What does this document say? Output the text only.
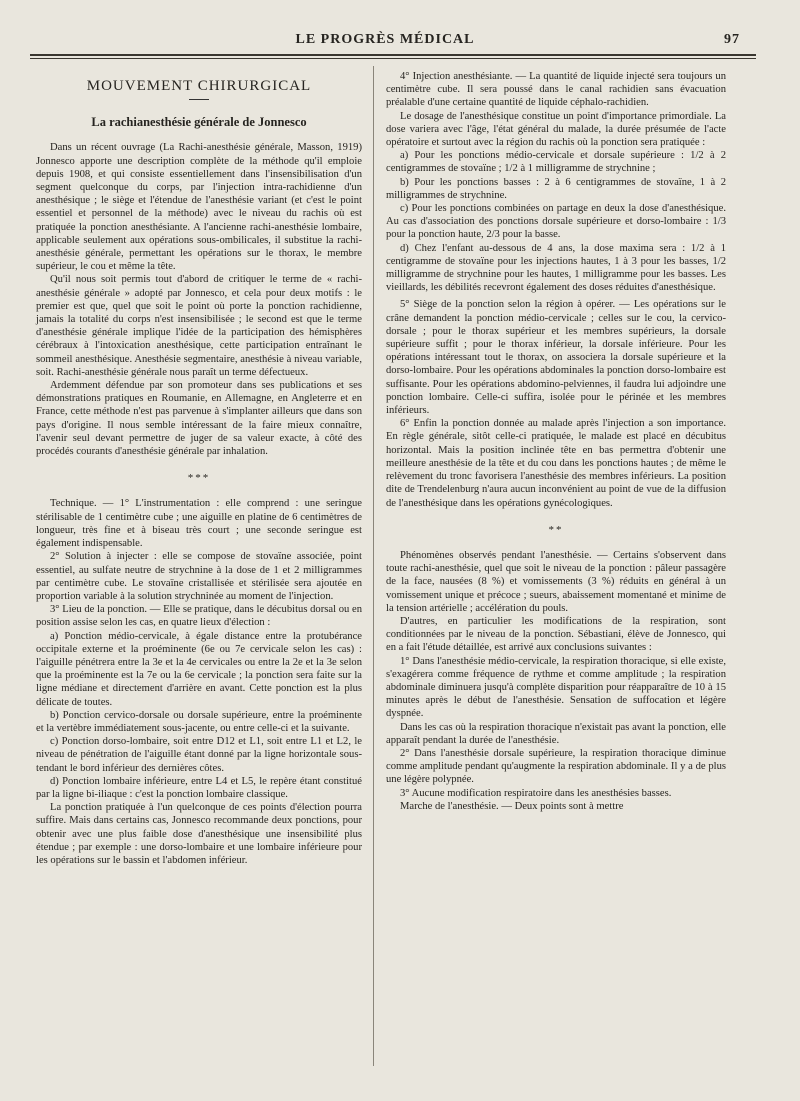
LE PROGRÈS MÉDICAL	97
MOUVEMENT CHIRURGICAL
La rachianesthésie générale de Jonnesco

Dans un récent ouvrage (La Rachi-anesthésie générale, Masson, 1919) Jonnesco apporte une description complète de la méthode qu'il emploie depuis 1908, et qui consiste essentiellement dans l'insensibilisation d'un segment quelconque du corps, par l'injection intra-rachidienne d'un anesthésique ; le siège et l'étendue de l'anesthésie variant (et c'est le point essentiel et personnel de la méthode) avec le niveau du rachis où est pratiquée la ponction anesthésiante. A l'ancienne rachi-anesthésie lombaire, applicable seulement aux opérations sous-ombilicales, il substitue la rachi-anesthésie générale, permettant les opérations sur le thorax, le membre supérieur, le cou et même la tête.

Qu'il nous soit permis tout d'abord de critiquer le terme de « rachi-anesthésie générale » adopté par Jonnesco, et cela pour deux motifs : le premier est que, quel que soit le point où porte la ponction rachidienne, jamais la totalité du corps n'est insensibilisée ; le second est que le terme d'anesthésie générale implique l'idée de la participation des hémisphères cérébraux à l'intoxication anesthésique, cette participation entraînant le sommeil anesthésique. Anesthésie segmentaire, anesthésie à niveau variable, soit. Rachi-anesthésie générale nous paraît un terme défectueux.

Ardemment défendue par son promoteur dans ses publications et ses démonstrations pratiques en Roumanie, en Allemagne, en Angleterre et en France, cette méthode n'est pas parvenue à s'implanter ailleurs que dans son pays d'origine. Il nous semble intéressant de la faire mieux connaître, l'avenir seul devant permettre de juger de sa valeur exacte, à côté des procédés courants d'anesthésie générale par inhalation.

***

Technique. — 1° L'instrumentation : elle comprend : une seringue stérilisable de 1 centimètre cube ; une aiguille en platine de 6 centimètres de longueur, très fine et à biseau très court ; une seconde seringue est également indispensable.

2° Solution à injecter : elle se compose de stovaïne associée, point essentiel, au sulfate neutre de strychnine à la dose de 1 et 2 milligrammes par centimètre cube. Le stovaïne cristallisée et stérilisée sera ajoutée en proportion variable à la solution strychninée au moment de l'injection.

3° Lieu de la ponction. — Elle se pratique, dans le décubitus dorsal ou en position assise selon les cas, en quatre lieux d'élection :

a) Ponction médio-cervicale, à égale distance entre la protubérance occipitale externe et la proéminente (6e ou 7e cervicale selon les cas) : l'aiguille pénétrera entre la 3e et la 4e cervicales ou entre la 2e et la 3e selon que la proéminente est la 7e ou la 6e cervicale ; la ponction sera faite sur la ligne médiane et directement d'arrière en avant. Cette ponction est la plus délicate de toutes.

b) Ponction cervico-dorsale ou dorsale supérieure, entre la proéminente et la vertèbre immédiatement sous-jacente, ou entre celle-ci et la suivante.

c) Ponction dorso-lombaire, soit entre D12 et L1, soit entre L1 et L2, le niveau de pénétration de l'aiguille étant donné par la ligne horizontale sous-tendant le bord inférieur des dernières côtes.

d) Ponction lombaire inférieure, entre L4 et L5, le repère étant constitué par la ligne bi-iliaque : c'est la ponction lombaire classique.

La ponction pratiquée à l'un quelconque de ces points d'élection pourra suffire. Mais dans certains cas, Jonnesco recommande deux ponctions, pour obtenir avec une plus faible dose d'anesthésique une insensibilité plus étendue ; par exemple : une dorso-lombaire et une lombaire inférieure pour les opérations sur le bassin et l'abdomen inférieur.

4° Injection anesthésiante. — La quantité de liquide injecté sera toujours un centimètre cube. Il sera poussé dans le canal rachidien sans évacuation préalable d'une certaine quantité de liquide céphalo-rachidien.

Le dosage de l'anesthésique constitue un point d'importance primordiale. La dose variera avec l'âge, l'état général du malade, la durée présumée de l'acte opératoire et surtout avec la région du rachis où la ponction sera pratiquée :

a) Pour les ponctions médio-cervicale et dorsale supérieure : 1/2 à 2 centigrammes de stovaïne ; 1/2 à 1 milligramme de strychnine ;

b) Pour les ponctions basses : 2 à 6 centigrammes de stovaïne, 1 à 2 milligrammes de strychnine.

c) Pour les ponctions combinées on partage en deux la dose d'anesthésique. Au cas d'association des ponctions dorsale supérieure et dorso-lombaire : 1/3 pour la ponction haute, 2/3 pour la basse.

d) Chez l'enfant au-dessous de 4 ans, la dose maxima sera : 1/2 à 1 centigramme de stovaïne pour les injections hautes, 1 à 3 pour les basses, 1/2 milligramme de strychnine pour les hautes, 1 milligramme pour les basses. Les vieillards, les débilités recevront également des doses réduites d'anesthésique.

5° Siège de la ponction selon la région à opérer. — Les opérations sur le crâne demandent la ponction médio-cervicale ; celles sur le cou, la cervico-dorsale ; pour le thorax supérieur et les membres supérieurs, la dorsale supérieure suffit ; pour le thorax inférieur, la dorsale inférieure. Pour les opérations intéressant tout le thorax, on associera la dorsale supérieure et la dorso-lombaire. Pour les opérations abdominales la ponction dorso-lombaire est suffisante. Pour les opérations abdomino-pelviennes, il faudra lui adjoindre une ponction lombaire. Celle-ci suffira, isolée pour le périnée et les membres inférieurs.

6° Enfin la ponction donnée au malade après l'injection a son importance. En règle générale, sitôt celle-ci pratiquée, le malade est placé en décubitus horizontal. Mais la position inclinée tête en bas permettra d'obtenir une meilleure anesthésie de la tête et du cou dans les ponctions hautes ; de même le relèvement du tronc favorisera l'anesthésie des membres inférieurs. La position dite de Trendelenburg n'aura aucun inconvénient au point de vue de la diffusion de l'anesthésique dans les opérations gynécologiques.

**

Phénomènes observés pendant l'anesthésie. — Certains s'observent dans toute rachi-anesthésie, quel que soit le niveau de la ponction : pâleur passagère de la face, nausées (8 %) et vomissements (3 %) réduits en général à un vomissement unique et précoce ; sueurs, abaissement momentané et minime de la tension artérielle ; accélération du pouls.

D'autres, en particulier les modifications de la respiration, sont conditionnées par le niveau de la ponction. Sébastiani, élève de Jonnesco, qui en a fait l'étude détaillée, est arrivé aux conclusions suivantes :

1° Dans l'anesthésie médio-cervicale, la respiration thoracique, si elle existe, s'exagérera comme fréquence de rythme et comme amplitude ; la respiration abdominale diminuera jusqu'à complète disparition pour réapparaître de 10 à 15 minutes après le début de l'anesthésie. Sensation de suffocation et légère dyspnée.

Dans les cas où la respiration thoracique n'existait pas avant la ponction, elle apparaît pendant la durée de l'anesthésie.

2° Dans l'anesthésie dorsale supérieure, la respiration thoracique diminue comme amplitude pendant qu'augmente la respiration abdominale. Il y a de plus une légère polypnée.

3° Aucune modification respiratoire dans les anesthésies basses.

Marche de l'anesthésie. — Deux points sont à mettre
